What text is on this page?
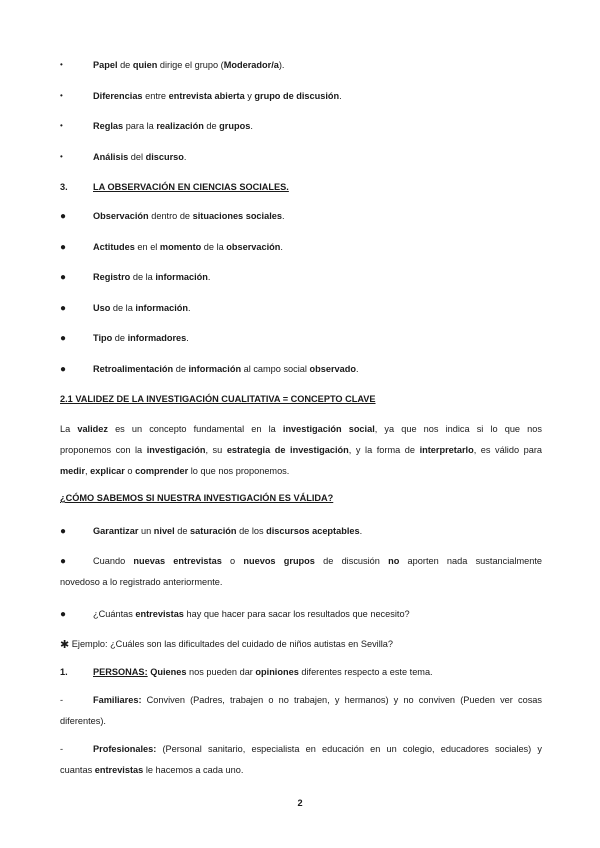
•	Papel de quien dirige el grupo (Moderador/a).
•	Diferencias entre entrevista abierta y grupo de discusión.
•	Reglas para la realización de grupos.
•	Análisis del discurso.
3.	LA OBSERVACIÓN EN CIENCIAS SOCIALES.
●	Observación dentro de situaciones sociales.
●	Actitudes en el momento de la observación.
●	Registro de la información.
●	Uso de la información.
●	Tipo de informadores.
●	Retroalimentación de información al campo social observado.
2.1 VALIDEZ DE LA INVESTIGACIÓN CUALITATIVA = CONCEPTO CLAVE
La validez es un concepto fundamental en la investigación social, ya que nos indica si lo que nos
proponemos con la investigación, su estrategia de investigación, y la forma de interpretarlo, es válido para
medir, explicar o comprender lo que nos proponemos.
¿CÓMO SABEMOS SI NUESTRA INVESTIGACIÓN ES VÁLIDA?
●	Garantizar un nivel de saturación de los discursos aceptables.
●	Cuando nuevas entrevistas o nuevos grupos de discusión no aporten nada sustancialmente
novedoso a lo registrado anteriormente.
●	¿Cuántas entrevistas hay que hacer para sacar los resultados que necesito?
✱ Ejemplo: ¿Cuáles son las dificultades del cuidado de niños autistas en Sevilla?
1.	PERSONAS: Quienes nos pueden dar opiniones diferentes respecto a este tema.
-	Familiares: Conviven (Padres, trabajen o no trabajen, y hermanos) y no conviven (Pueden ver cosas
diferentes).
-	Profesionales: (Personal sanitario, especialista en educación en un colegio, educadores sociales) y
cuantas entrevistas le hacemos a cada uno.
2
